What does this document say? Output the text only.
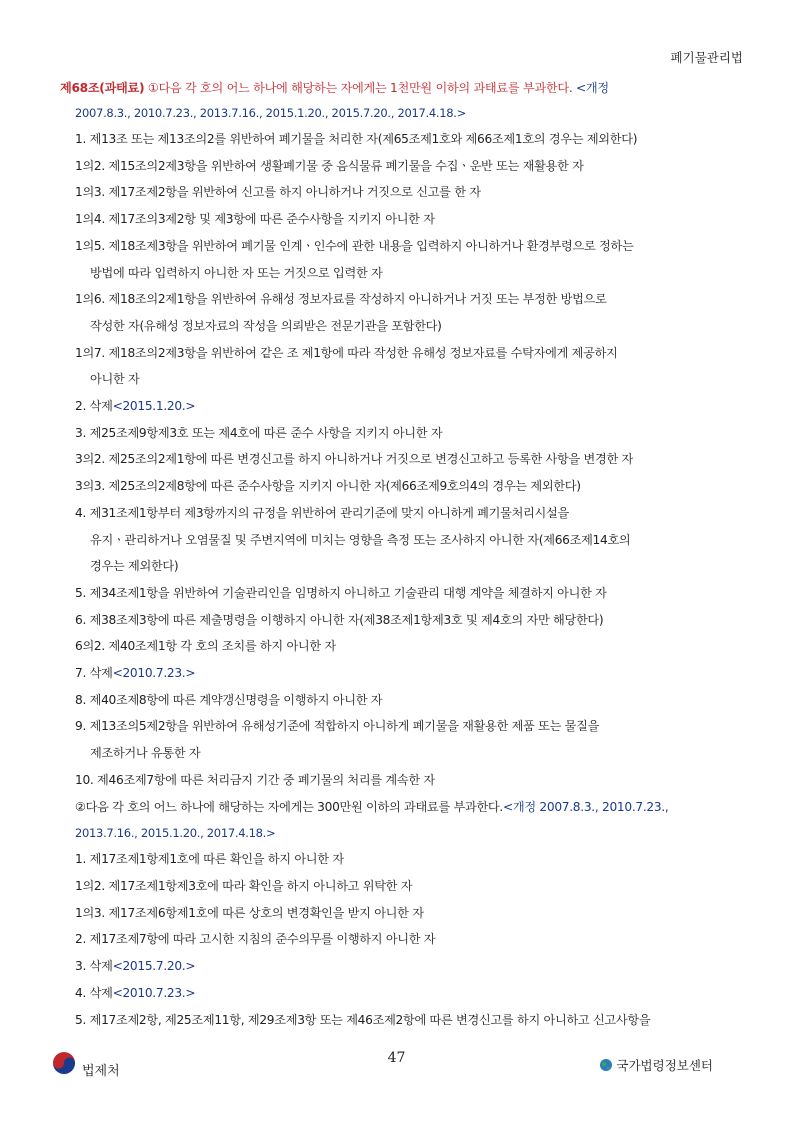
폐기물관리법
제68조(과태료) ①다음 각 호의 어느 하나에 해당하는 자에게는 1천만원 이하의 과태료를 부과한다. <개정
2007.8.3., 2010.7.23., 2013.7.16., 2015.1.20., 2015.7.20., 2017.4.18.>
1. 제13조 또는 제13조의2를 위반하여 폐기물을 처리한 자(제65조제1호와 제66조제1호의 경우는 제외한다)
1의2. 제15조의2제3항을 위반하여 생활폐기물 중 음식물류 폐기물을 수집ㆍ운반 또는 재활용한 자
1의3. 제17조제2항을 위반하여 신고를 하지 아니하거나 거짓으로 신고를 한 자
1의4. 제17조의3제2항 및 제3항에 따른 준수사항을 지키지 아니한 자
1의5. 제18조제3항을 위반하여 폐기물 인계ㆍ인수에 관한 내용을 입력하지 아니하거나 환경부령으로 정하는
방법에 따라 입력하지 아니한 자 또는 거짓으로 입력한 자
1의6. 제18조의2제1항을 위반하여 유해성 정보자료를 작성하지 아니하거나 거짓 또는 부정한 방법으로
작성한 자(유해성 정보자료의 작성을 의뢰받은 전문기관을 포함한다)
1의7. 제18조의2제3항을 위반하여 같은 조 제1항에 따라 작성한 유해성 정보자료를 수탁자에게 제공하지
아니한 자
2. 삭제<2015.1.20.>
3. 제25조제9항제3호 또는 제4호에 따른 준수 사항을 지키지 아니한 자
3의2. 제25조의2제1항에 따른 변경신고를 하지 아니하거나 거짓으로 변경신고하고 등록한 사항을 변경한 자
3의3. 제25조의2제8항에 따른 준수사항을 지키지 아니한 자(제66조제9호의4의 경우는 제외한다)
4. 제31조제1항부터 제3항까지의 규정을 위반하여 관리기준에 맞지 아니하게 폐기물처리시설을
유지ㆍ관리하거나 오염물질 및 주변지역에 미치는 영향을 측정 또는 조사하지 아니한 자(제66조제14호의
경우는 제외한다)
5. 제34조제1항을 위반하여 기술관리인을 임명하지 아니하고 기술관리 대행 계약을 체결하지 아니한 자
6. 제38조제3항에 따른 제출명령을 이행하지 아니한 자(제38조제1항제3호 및 제4호의 자만 해당한다)
6의2. 제40조제1항 각 호의 조치를 하지 아니한 자
7. 삭제<2010.7.23.>
8. 제40조제8항에 따른 계약갱신명령을 이행하지 아니한 자
9. 제13조의5제2항을 위반하여 유해성기준에 적합하지 아니하게 폐기물을 재활용한 제품 또는 물질을
제조하거나 유통한 자
10. 제46조제7항에 따른 처리금지 기간 중 폐기물의 처리를 계속한 자
②다음 각 호의 어느 하나에 해당하는 자에게는 300만원 이하의 과태료를 부과한다.<개정 2007.8.3., 2010.7.23.,
2013.7.16., 2015.1.20., 2017.4.18.>
1. 제17조제1항제1호에 따른 확인을 하지 아니한 자
1의2. 제17조제1항제3호에 따라 확인을 하지 아니하고 위탁한 자
1의3. 제17조제6항제1호에 따른 상호의 변경확인을 받지 아니한 자
2. 제17조제7항에 따라 고시한 지침의 준수의무를 이행하지 아니한 자
3. 삭제<2015.7.20.>
4. 삭제<2010.7.23.>
5. 제17조제2항, 제25조제11항, 제29조제3항 또는 제46조제2항에 따른 변경신고를 하지 아니하고 신고사항을
법제처
47	국가법령정보센터
